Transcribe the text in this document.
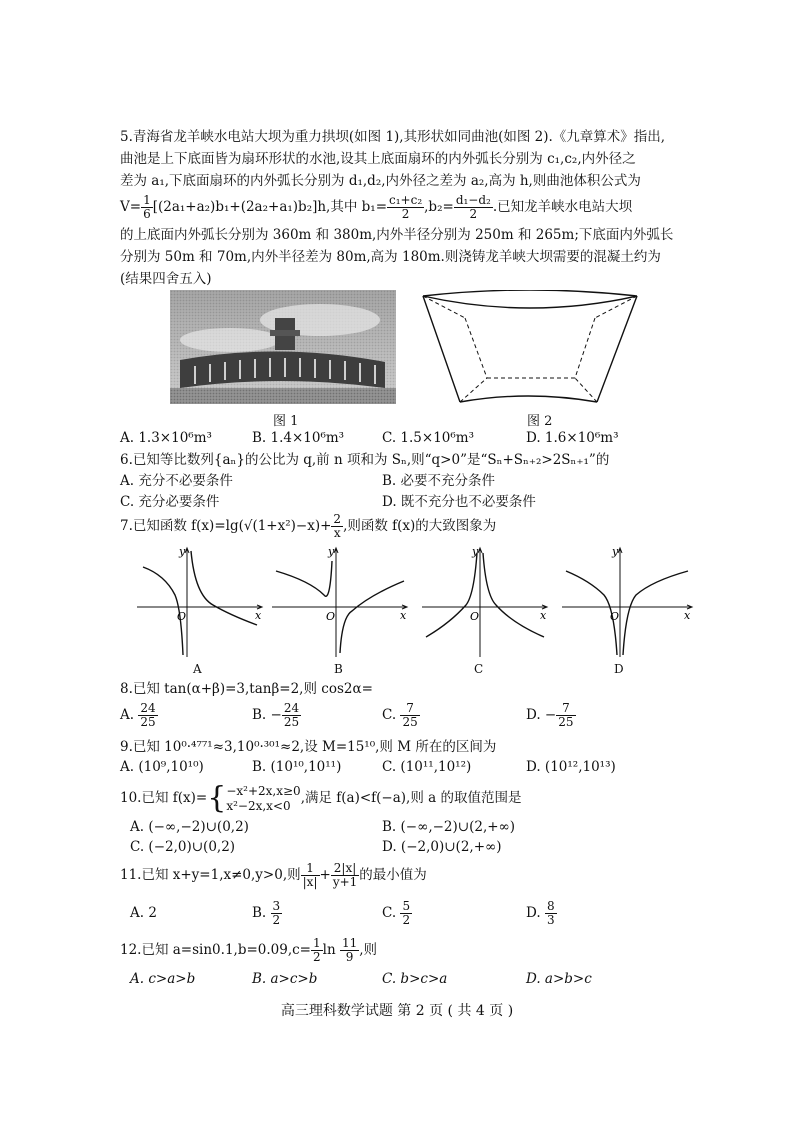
5.青海省龙羊峡水电站大坝为重力拱坝(如图 1),其形状如同曲池(如图 2).《九章算术》指出,
曲池是上下底面皆为扇环形状的水池,设其上底面扇环的内外弧长分别为 c₁,c₂,内外径之
差为 a₁,下底面扇环的内外弧长分别为 d₁,d₂,内外径之差为 a₂,高为 h,则曲池体积公式为
$V= \frac{1}{6} [(2a_1+a_2)b_1+(2a_2+a_1)b_2]h$,其中 $b_1= \frac{\text{c₁+c₂}}{2} ,b_2= \frac{\text{d₁−d₂}}{2}$ .已知龙羊峡水电站大坝
的上底面内外弧长分别为 360m 和 380m,内外半径分别为 250m 和 265m;下底面内外弧长
分别为 50m 和 70m,内外半径差为 80m,高为 180m.则浇铸龙羊峡大坝需要的混凝土约为
(结果四舍五入)
图 1	图 2
A. 1.3×10⁶m³	B. 1.4×10⁶m³	C. 1.5×10⁶m³	D. 1.6×10⁶m³
6.已知等比数列{aₙ}的公比为 q,前 n 项和为 Sₙ,则“q>0”是“Sₙ+Sₙ₊₂>2Sₙ₊₁”的
A. 充分不必要条件	B. 必要不充分条件
C. 充分必要条件	D. 既不充分也不必要条件
7.已知函数 $f(x)=\lg(√(1+x^2)-x)+ \frac{2}{x}$ ,则函数 f(x)的大致图象为
y
x
O
A
y
x
O
B
y
x
O
C
y
x
O
D
8.已知 tan(α+β)=3,tanβ=2,则 cos2α=
A. $\frac{24}{25}$	B. − $\frac{24}{25}$	C. $\frac{7}{25}$	D. − $\frac{7}{25}$
9.已知 10⁰·⁴⁷⁷¹≈3,10⁰·³⁰¹≈2,设 M=15¹⁰,则 M 所在的区间为
A. (10⁹,10¹⁰)	B. (10¹⁰,10¹¹)	C. (10¹¹,10¹²)	D. (10¹²,10¹³)
10.已知 f(x)={ −x²+2x,x≥0
x²−2x,x<0 ,满足 f(a)<f(−a),则 a 的取值范围是
A. (−∞,−2)∪(0,2)	B. (−∞,−2)∪(2,+∞)
C. (−2,0)∪(0,2)	D. (−2,0)∪(2,+∞)
11.已知 x+y=1,x≠0,y>0,则 $\frac{1}{|x|} + \frac{2|x|}{y+1}$ 的最小值为
A. 2	B. $\frac{3}{2}$	C. $\frac{5}{2}$	D. $\frac{8}{3}$
12.已知 $a=\sin 0.1,b=0.09,c= \frac{1}{2}$ $\ln \frac{11}{9}$ ,则
A. c>a>b	B. a>c>b	C. b>c>a	D. a>b>c
高三理科数学试题 第 2 页 ( 共 4 页 )
